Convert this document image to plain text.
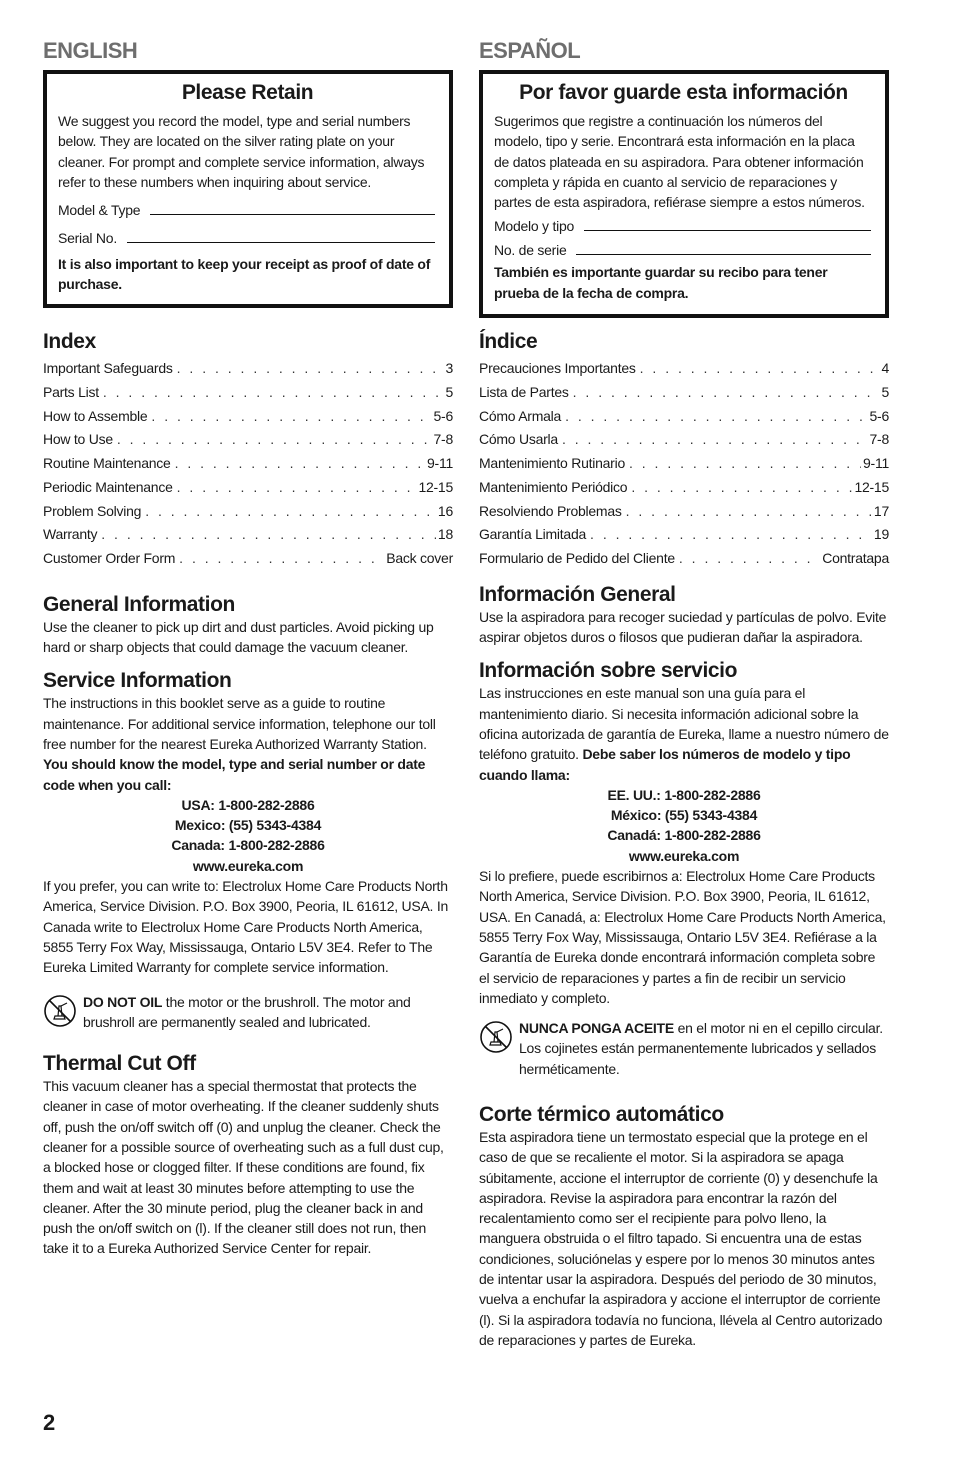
ENGLISH
Please Retain

We suggest you record the model, type and serial numbers below. They are located on the silver rating plate on your cleaner. For prompt and complete service information, always refer to these numbers when inquiring about service.

Model & Type
Serial No.

It is also important to keep your receipt as proof of date of purchase.

Index
Important Safeguards . . .	3
Parts List . . .	5
How to Assemble . . .	5-6
How to Use . . .	7-8
Routine Maintenance . . .	9-11
Periodic Maintenance . . .	12-15
Problem Solving . . .	16
Warranty . . .	18
Customer Order Form . . .	Back cover
General Information

Use the cleaner to pick up dirt and dust particles. Avoid picking up hard or sharp objects that could damage the vacuum cleaner.

Service Information

The instructions in this booklet serve as a guide to routine maintenance. For additional service information, telephone our toll free number for the nearest Eureka Authorized Warranty Station. You should know the model, type and serial number or date code when you call:

USA: 1-800-282-2886

Mexico: (55) 5343-4384

Canada: 1-800-282-2886

www.eureka.com

If you prefer, you can write to: Electrolux Home Care Products North America, Service Division. P.O. Box 3900, Peoria, IL 61612, USA. In Canada write to Electrolux Home Care Products North America, 5855 Terry Fox Way, Mississauga, Ontario L5V 3E4. Refer to The Eureka Limited Warranty for complete service information.

DO NOT OIL the motor or the brushroll. The motor and brushroll are permanently sealed and lubricated.

Thermal Cut Off

This vacuum cleaner has a special thermostat that protects the cleaner in case of motor overheating. If the cleaner suddenly shuts off, push the on/off switch off (0) and unplug the cleaner. Check the cleaner for a possible source of overheating such as a full dust cup, a blocked hose or clogged filter. If these conditions are found, fix them and wait at least 30 minutes before attempting to use the cleaner. After the 30 minute period, plug the cleaner back in and push the on/off switch on (l). If the cleaner still does not run, then take it to a Eureka Authorized Service Center for repair.

ESPAÑOL
Por favor guarde esta información

Sugerimos que registre a continuación los números del modelo, tipo y serie. Encontrará esta información en la placa de datos plateada en su aspiradora. Para obtener información completa y rápida en cuanto al servicio de reparaciones y partes de esta aspiradora, refiérase siempre a estos números.

Modelo y tipo
No. de serie

También es importante guardar su recibo para tener prueba de la fecha de compra.

Índice
Precauciones Importantes . . .	4
Lista de Partes . . .	5
Cómo Armala . . .	5-6
Cómo Usarla . . .	7-8
Mantenimiento Rutinario . . .	9-11
Mantenimiento Periódico . . .	12-15
Resolviendo Problemas . . .	17
Garantía Limitada . . .	19
Formulario de Pedido del Cliente . . .	Contratapa
Información General

Use la aspiradora para recoger suciedad y partículas de polvo. Evite aspirar objetos duros o filosos que pudieran dañar la aspiradora.

Información sobre servicio

Las instrucciones en este manual son una guía para el mantenimiento diario. Si necesita información adicional sobre la oficina autorizada de garantía de Eureka, llame a nuestro número de teléfono gratuito. Debe saber los números de modelo y tipo cuando llama:

EE. UU.: 1-800-282-2886

México: (55) 5343-4384

Canadá: 1-800-282-2886

www.eureka.com

Si lo prefiere, puede escribirnos a: Electrolux Home Care Products North America, Service Division. P.O. Box 3900, Peoria, IL 61612, USA. En Canadá, a: Electrolux Home Care Products North America, 5855 Terry Fox Way, Mississauga, Ontario L5V 3E4. Refiérase a la Garantía de Eureka donde encontrará información completa sobre el servicio de reparaciones y partes a fin de recibir un servicio inmediato y completo.

NUNCA PONGA ACEITE en el motor ni en el cepillo circular. Los cojinetes están permanentemente lubricados y sellados herméticamente.

Corte térmico automático

Esta aspiradora tiene un termostato especial que la protege en el caso de que se recaliente el motor. Si la aspiradora se apaga súbitamente, accione el interruptor de corriente (0) y desenchufe la aspiradora. Revise la aspiradora para encontrar la razón del recalentamiento como ser el recipiente para polvo lleno, la manguera obstruida o el filtro tapado. Si encuentra una de estas condiciones, soluciónelas y espere por lo menos 30 minutos antes de intentar usar la aspiradora. Después del periodo de 30 minutos, vuelva a enchufar la aspiradora y accione el interruptor de corriente (l). Si la aspiradora todavía no funciona, llévela al Centro autorizado de reparaciones y partes de Eureka.

2
